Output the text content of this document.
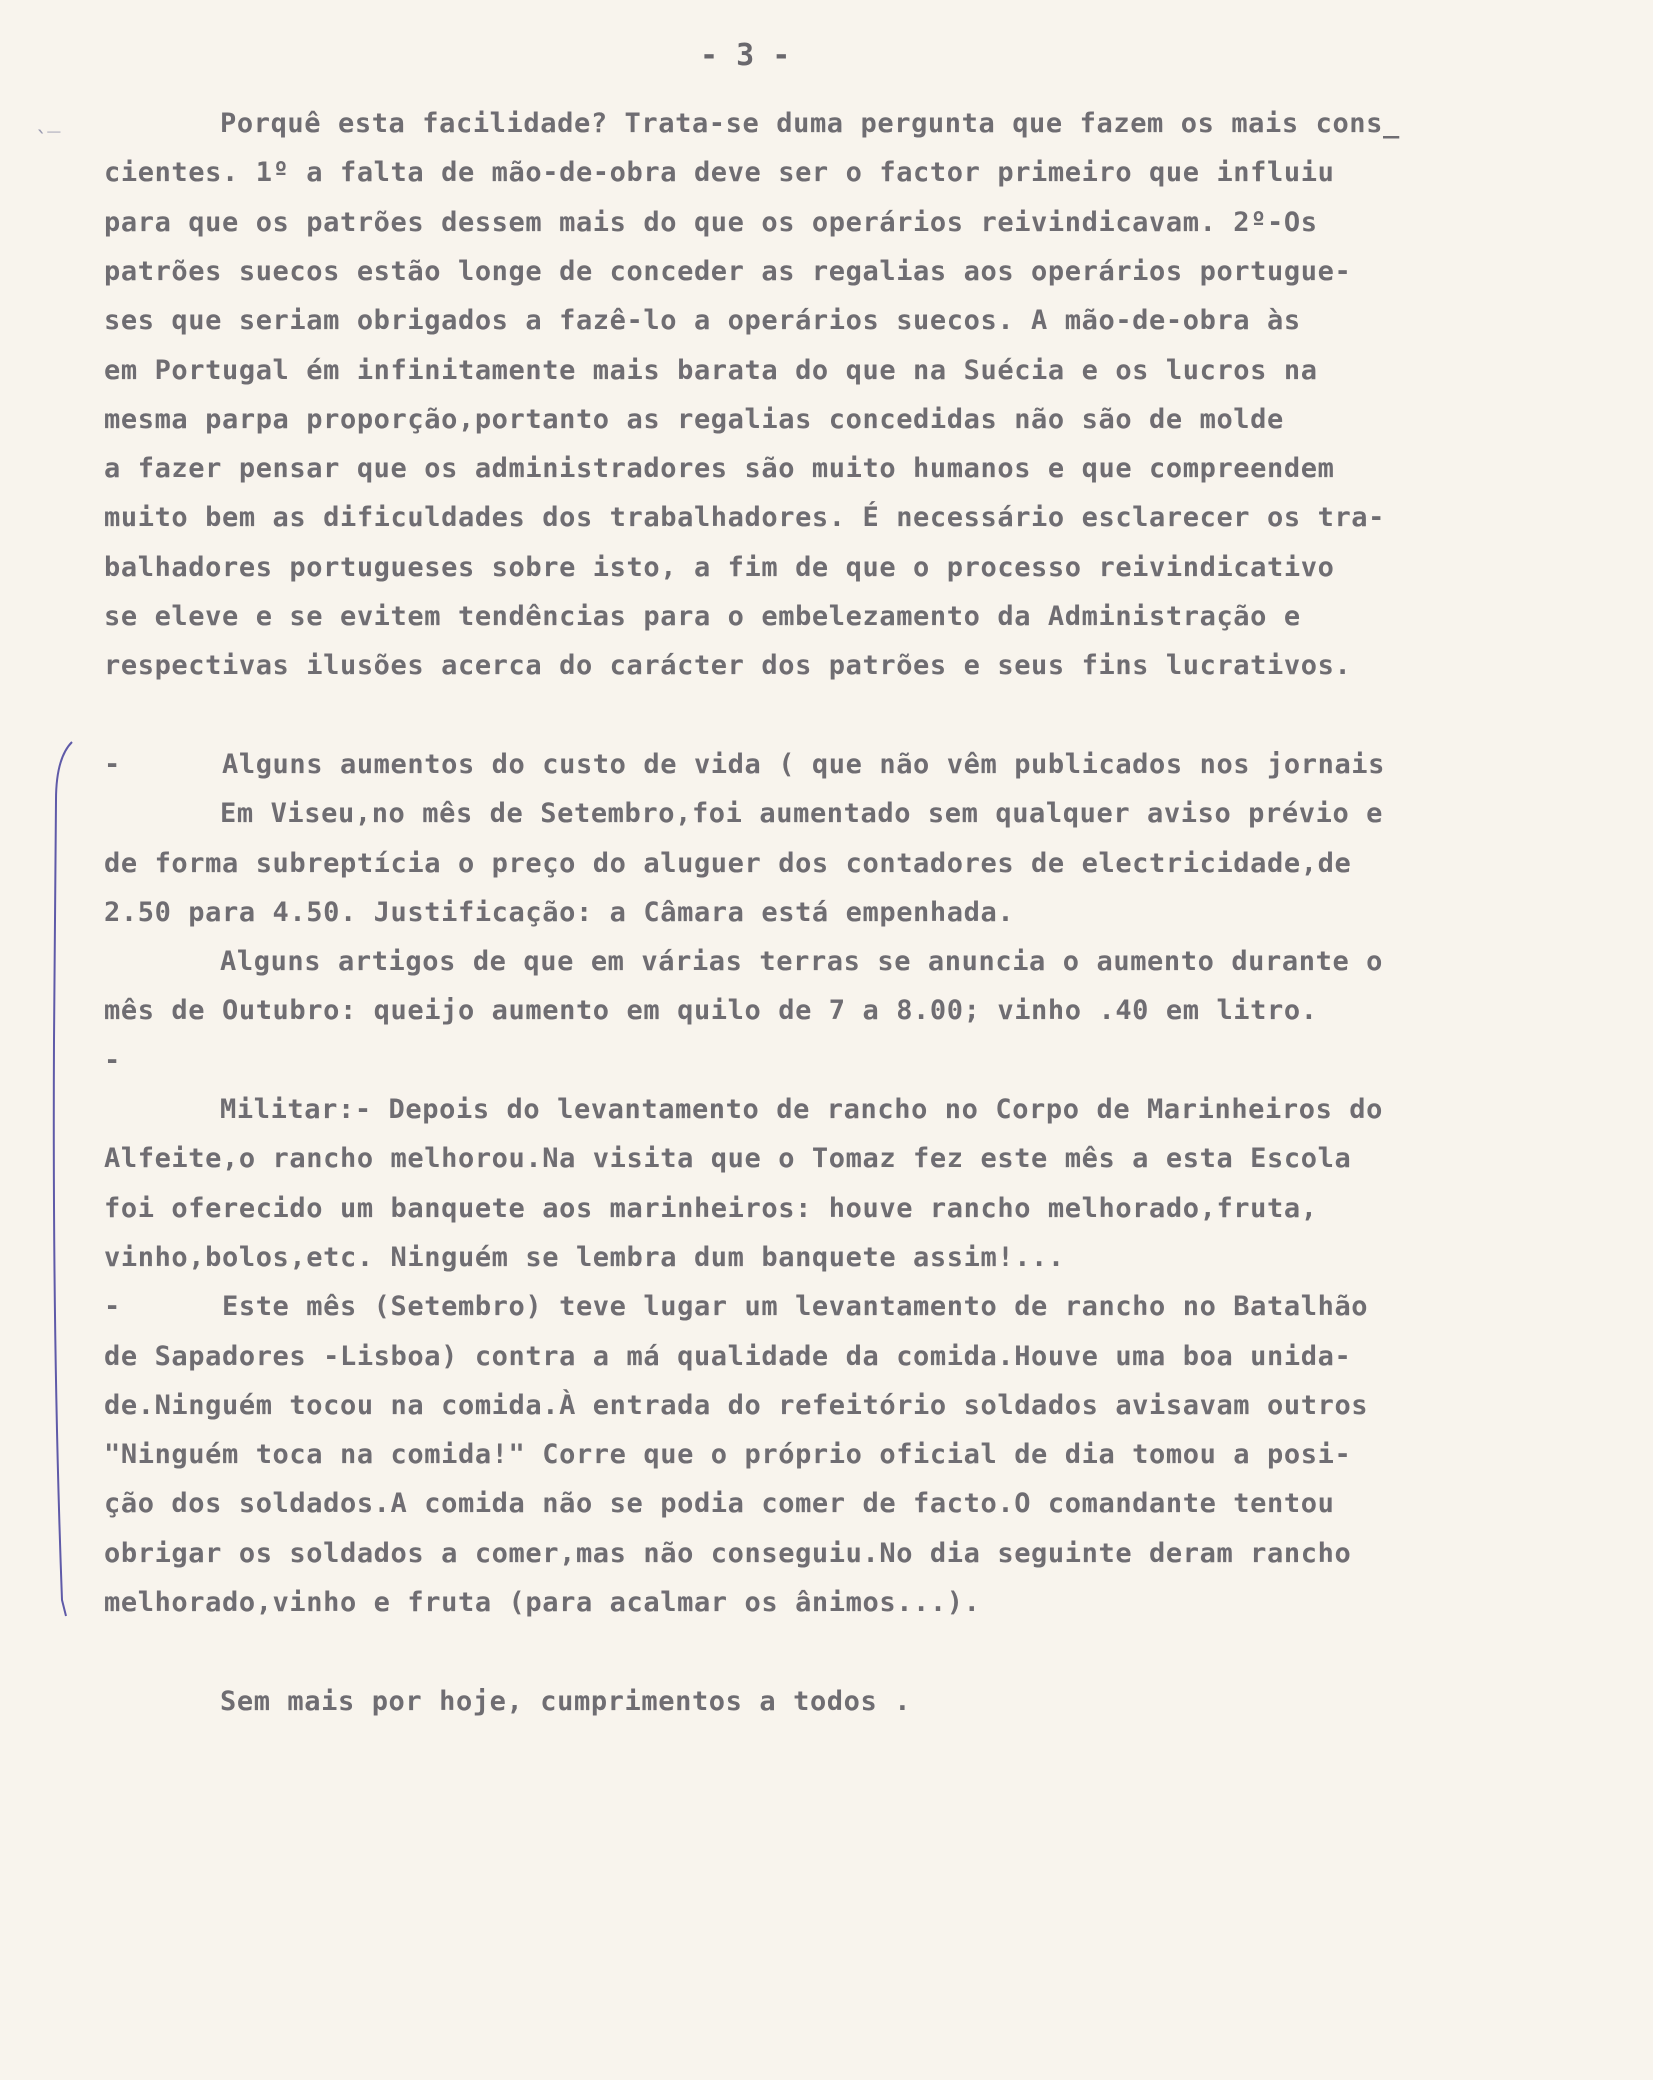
- 3 -
ˎ_	Porquê esta facilidade? Trata-se duma pergunta que fazem os mais cons_

cientes. 1º a falta de mão-de-obra deve ser o factor primeiro que influiu

para que os patrões dessem mais do que os operários reivindicavam. 2º-Os

patrões suecos estão longe de conceder as regalias aos operários portugue-

ses que seriam obrigados a fazê-lo a operários suecos. A mão-de-obra às

em Portugal ém infinitamente mais barata do que na Suécia e os lucros na

mesma parpa proporção,portanto as regalias concedidas não são de molde

a fazer pensar que os administradores são muito humanos e que compreendem

muito bem as dificuldades dos trabalhadores. É necessário esclarecer os tra-

balhadores portugueses sobre isto, a fim de que o processo reivindicativo

se eleve e se evitem tendências para o embelezamento da Administração e

respectivas ilusões acerca do carácter dos patrões e seus fins lucrativos.

-      Alguns aumentos do custo de vida ( que não vêm publicados nos jornais

Em Viseu,no mês de Setembro,foi aumentado sem qualquer aviso prévio e

de forma subreptícia o preço do aluguer dos contadores de electricidade,de

2.50 para 4.50. Justificação: a Câmara está empenhada.

Alguns artigos de que em várias terras se anuncia o aumento durante o

mês de Outubro: queijo aumento em quilo de 7 a 8.00; vinho .40 em litro.

-

Militar:- Depois do levantamento de rancho no Corpo de Marinheiros do

Alfeite,o rancho melhorou.Na visita que o Tomaz fez este mês a esta Escola

foi oferecido um banquete aos marinheiros: houve rancho melhorado,fruta,

vinho,bolos,etc. Ninguém se lembra dum banquete assim!...

-      Este mês (Setembro) teve lugar um levantamento de rancho no Batalhão

de Sapadores -Lisboa) contra a má qualidade da comida.Houve uma boa unida-

de.Ninguém tocou na comida.À entrada do refeitório soldados avisavam outros

"Ninguém toca na comida!" Corre que o próprio oficial de dia tomou a posi-

ção dos soldados.A comida não se podia comer de facto.O comandante tentou

obrigar os soldados a comer,mas não conseguiu.No dia seguinte deram rancho

melhorado,vinho e fruta (para acalmar os ânimos...).

Sem mais por hoje, cumprimentos a todos .
